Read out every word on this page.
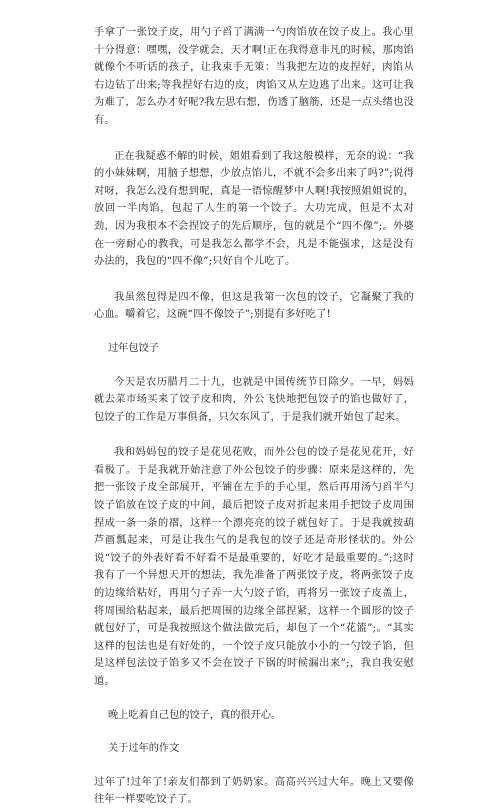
手拿了一张饺子皮，用勺子舀了满满一勺肉馅放在饺子皮上。我心里十分得意：嘿嘿，没学就会，天才啊!正在我得意非凡的时候，那肉馅就像个不听话的孩子，让我束手无策：当我把左边的皮捏好，肉馅从右边钻了出来;等我捏好右边的皮，肉馅又从左边逃了出来。这可让我为难了，怎么办才好呢?我左思右想，伤透了脑筋，还是一点头绪也没有。

正在我疑惑不解的时候，姐姐看到了我这般模样，无奈的说：“我的小妹妹啊，用脑子想想，少放点馅儿，不就不会多出来了吗?”;说得对呀，我怎么没有想到呢，真是一语惊醒梦中人啊!我按照姐姐说的，放回一半肉馅，包起了人生的第一个饺子。大功完成，但是不太对劲，因为我根本不会捏饺子的先后顺序，包的就是个“四不像”;。外婆在一旁耐心的教我，可是我怎么都学不会，凡是不能强求，这是没有办法的，我包的“四不像”;只好自个儿吃了。

我虽然包得是四不像，但这是我第一次包的饺子，它凝聚了我的心血。嚼着它，这碗“四不像饺子”;别提有多好吃了!

过年包饺子

今天是农历腊月二十九，也就是中国传统节日除夕。一早，妈妈就去菜市场买来了饺子皮和肉，外公飞快地把包饺子的馅也做好了，包饺子的工作是万事俱备，只欠东风了，于是我们就开始包了起来。

我和妈妈包的饺子是花见花败，而外公包的饺子是花见花开，好看极了。于是我就开始注意了外公包饺子的步骤：原来是这样的，先把一张饺子皮全部展开，平铺在左手的手心里，然后再用汤勺舀半勺饺子馅放在饺子皮的中间，最后把饺子皮对折起来用手把饺子皮周围捏成一条一条的褶，这样一个漂亮亮的饺子就包好了。于是我就按葫芦画瓢起来，可是让我生气的是我包的饺子还是奇形怪状的。外公说“饺子的外表好看不好看不是最重要的，好吃才是最重要的。”;这时我有了一个异想天开的想法，我先准备了两张饺子皮，将两张饺子皮的边缘给粘好，再用勺子弄一大勺饺子馅，再将另一张饺子皮盖上，将周围给粘起来，最后把周围的边缘全部捏紧，这样一个圆形的饺子就包好了，可是我按照这个做法做完后，却包了一个“花篮”;。“其实这样的包法也是有好处的，一个饺子皮只能放小小的一勺饺子馅，但是这样包法饺子馅多又不会在饺子下锅的时候漏出来”;，我自我安慰道。

晚上吃着自己包的饺子，真的很开心。

关于过年的作文

过年了!过年了!亲友们都到了奶奶家。高高兴兴过大年。晚上又要像往年一样要吃饺子了。
